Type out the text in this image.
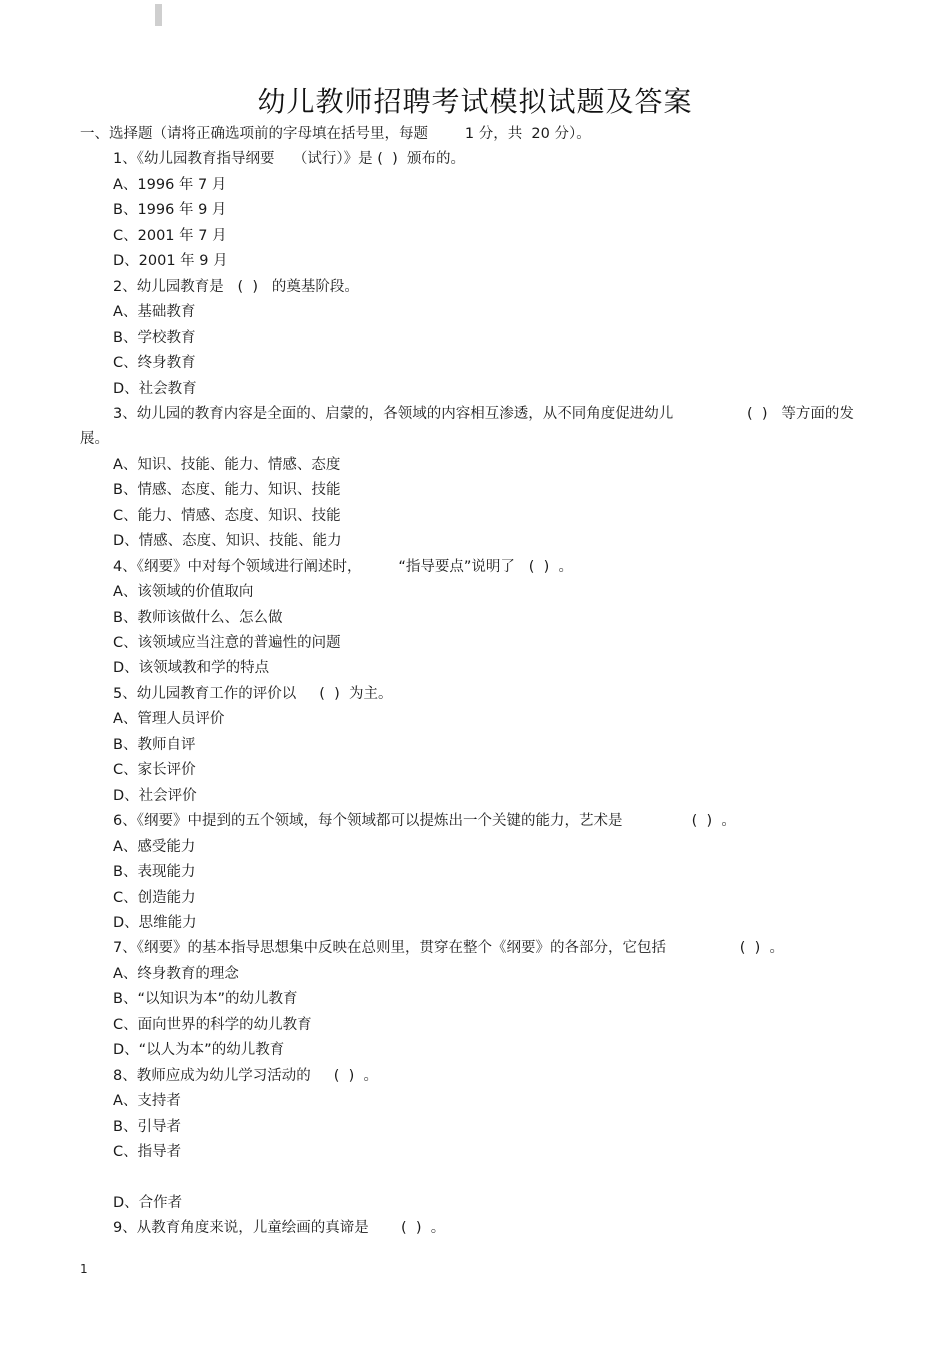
幼儿教师招聘考试模拟试题及答案
一、选择题（请将正确选项前的字母填在括号里，每题        1 分，共  20 分）。
1、《幼儿园教育指导纲要    （试行）》是 (  )  颁布的。
A、1996 年 7 月
B、1996 年 9 月
C、2001 年 7 月
D、2001 年 9 月
2、幼儿园教育是   (  )   的奠基阶段。
A、基础教育
B、学校教育
C、终身教育
D、社会教育
3、幼儿园的教育内容是全面的、启蒙的，各领域的内容相互渗透，从不同角度促进幼儿                (  )   等方面的发
展。
A、知识、技能、能力、情感、态度
B、情感、态度、能力、知识、技能
C、能力、情感、态度、知识、技能
D、情感、态度、知识、技能、能力
4、《纲要》中对每个领域进行阐述时，        “指导要点”说明了   (  )  。
A、该领域的价值取向
B、教师该做什么、怎么做
C、该领域应当注意的普遍性的问题
D、该领域教和学的特点
5、幼儿园教育工作的评价以     (  )  为主。
A、管理人员评价
B、教师自评
C、家长评价
D、社会评价
6、《纲要》中提到的五个领域，每个领域都可以提炼出一个关键的能力，艺术是               (  )  。
A、感受能力
B、表现能力
C、创造能力
D、思维能力
7、《纲要》的基本指导思想集中反映在总则里，贯穿在整个《纲要》的各部分，它包括                (  )  。
A、终身教育的理念
B、“以知识为本”的幼儿教育
C、面向世界的科学的幼儿教育
D、“以人为本”的幼儿教育
8、教师应成为幼儿学习活动的     (  )  。
A、支持者
B、引导者
C、指导者
D、合作者
9、从教育角度来说，儿童绘画的真谛是       (  )  。
1
